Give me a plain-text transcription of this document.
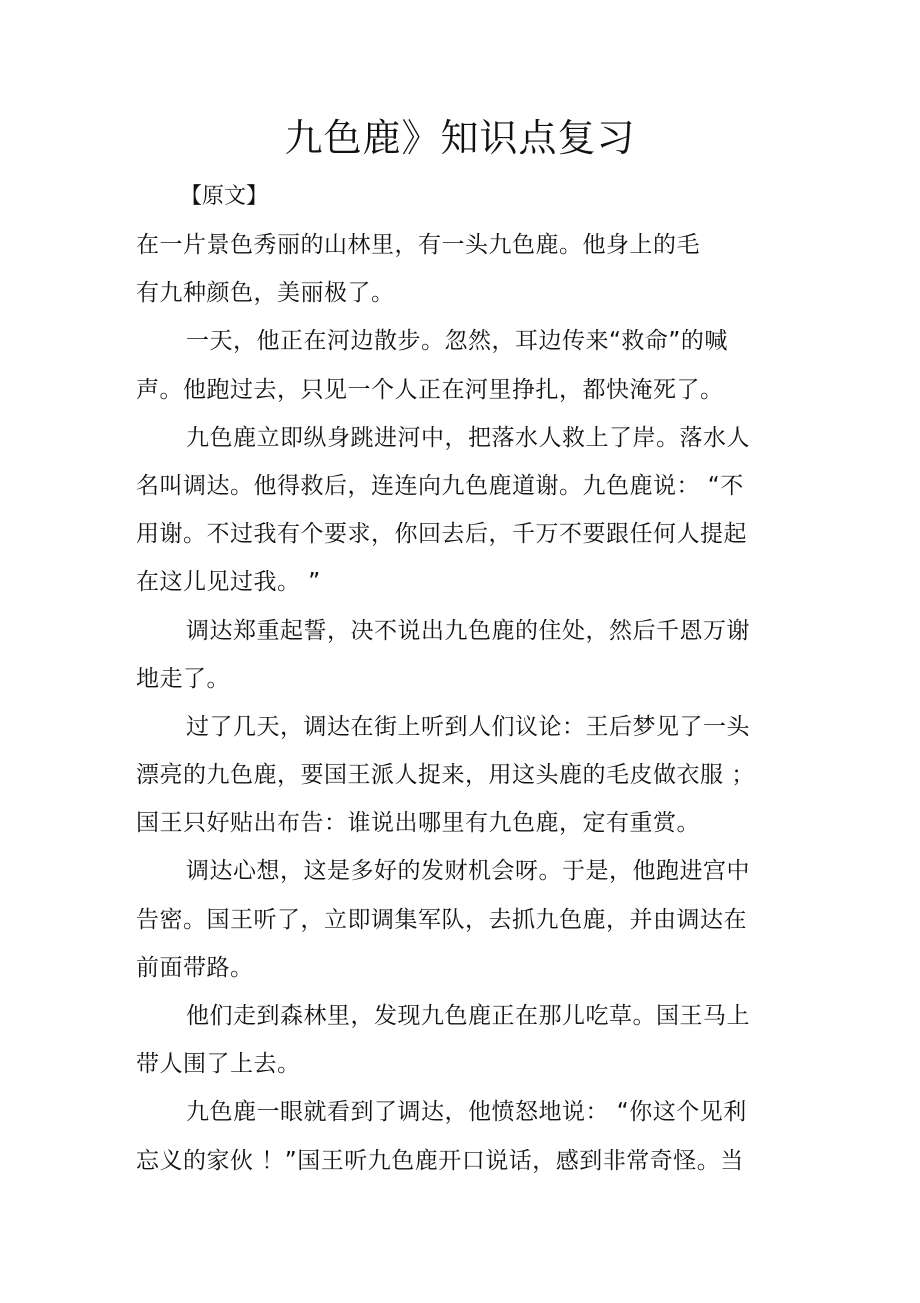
九色鹿》知识点复习
【原文】
在一片景色秀丽的山林里，有一头九色鹿。他身上的毛
有九种颜色，美丽极了。
一天，他正在河边散步。忽然，耳边传来“救命”的喊
声。他跑过去，只见一个人正在河里挣扎，都快淹死了。
九色鹿立即纵身跳进河中，把落水人救上了岸。落水人
名叫调达。他得救后，连连向九色鹿道谢。九色鹿说： “不
用谢。不过我有个要求，你回去后，千万不要跟任何人提起
在这儿见过我。 ”
调达郑重起誓，决不说出九色鹿的住处，然后千恩万谢
地走了。
过了几天，调达在街上听到人们议论：王后梦见了一头
漂亮的九色鹿，要国王派人捉来，用这头鹿的毛皮做衣服 ；
国王只好贴出布告：谁说出哪里有九色鹿，定有重赏。
调达心想，这是多好的发财机会呀。于是，他跑进宫中
告密。国王听了，立即调集军队，去抓九色鹿，并由调达在
前面带路。
他们走到森林里，发现九色鹿正在那儿吃草。国王马上
带人围了上去。
九色鹿一眼就看到了调达，他愤怒地说： “你这个见利
忘义的家伙 ！”国王听九色鹿开口说话，感到非常奇怪。当
